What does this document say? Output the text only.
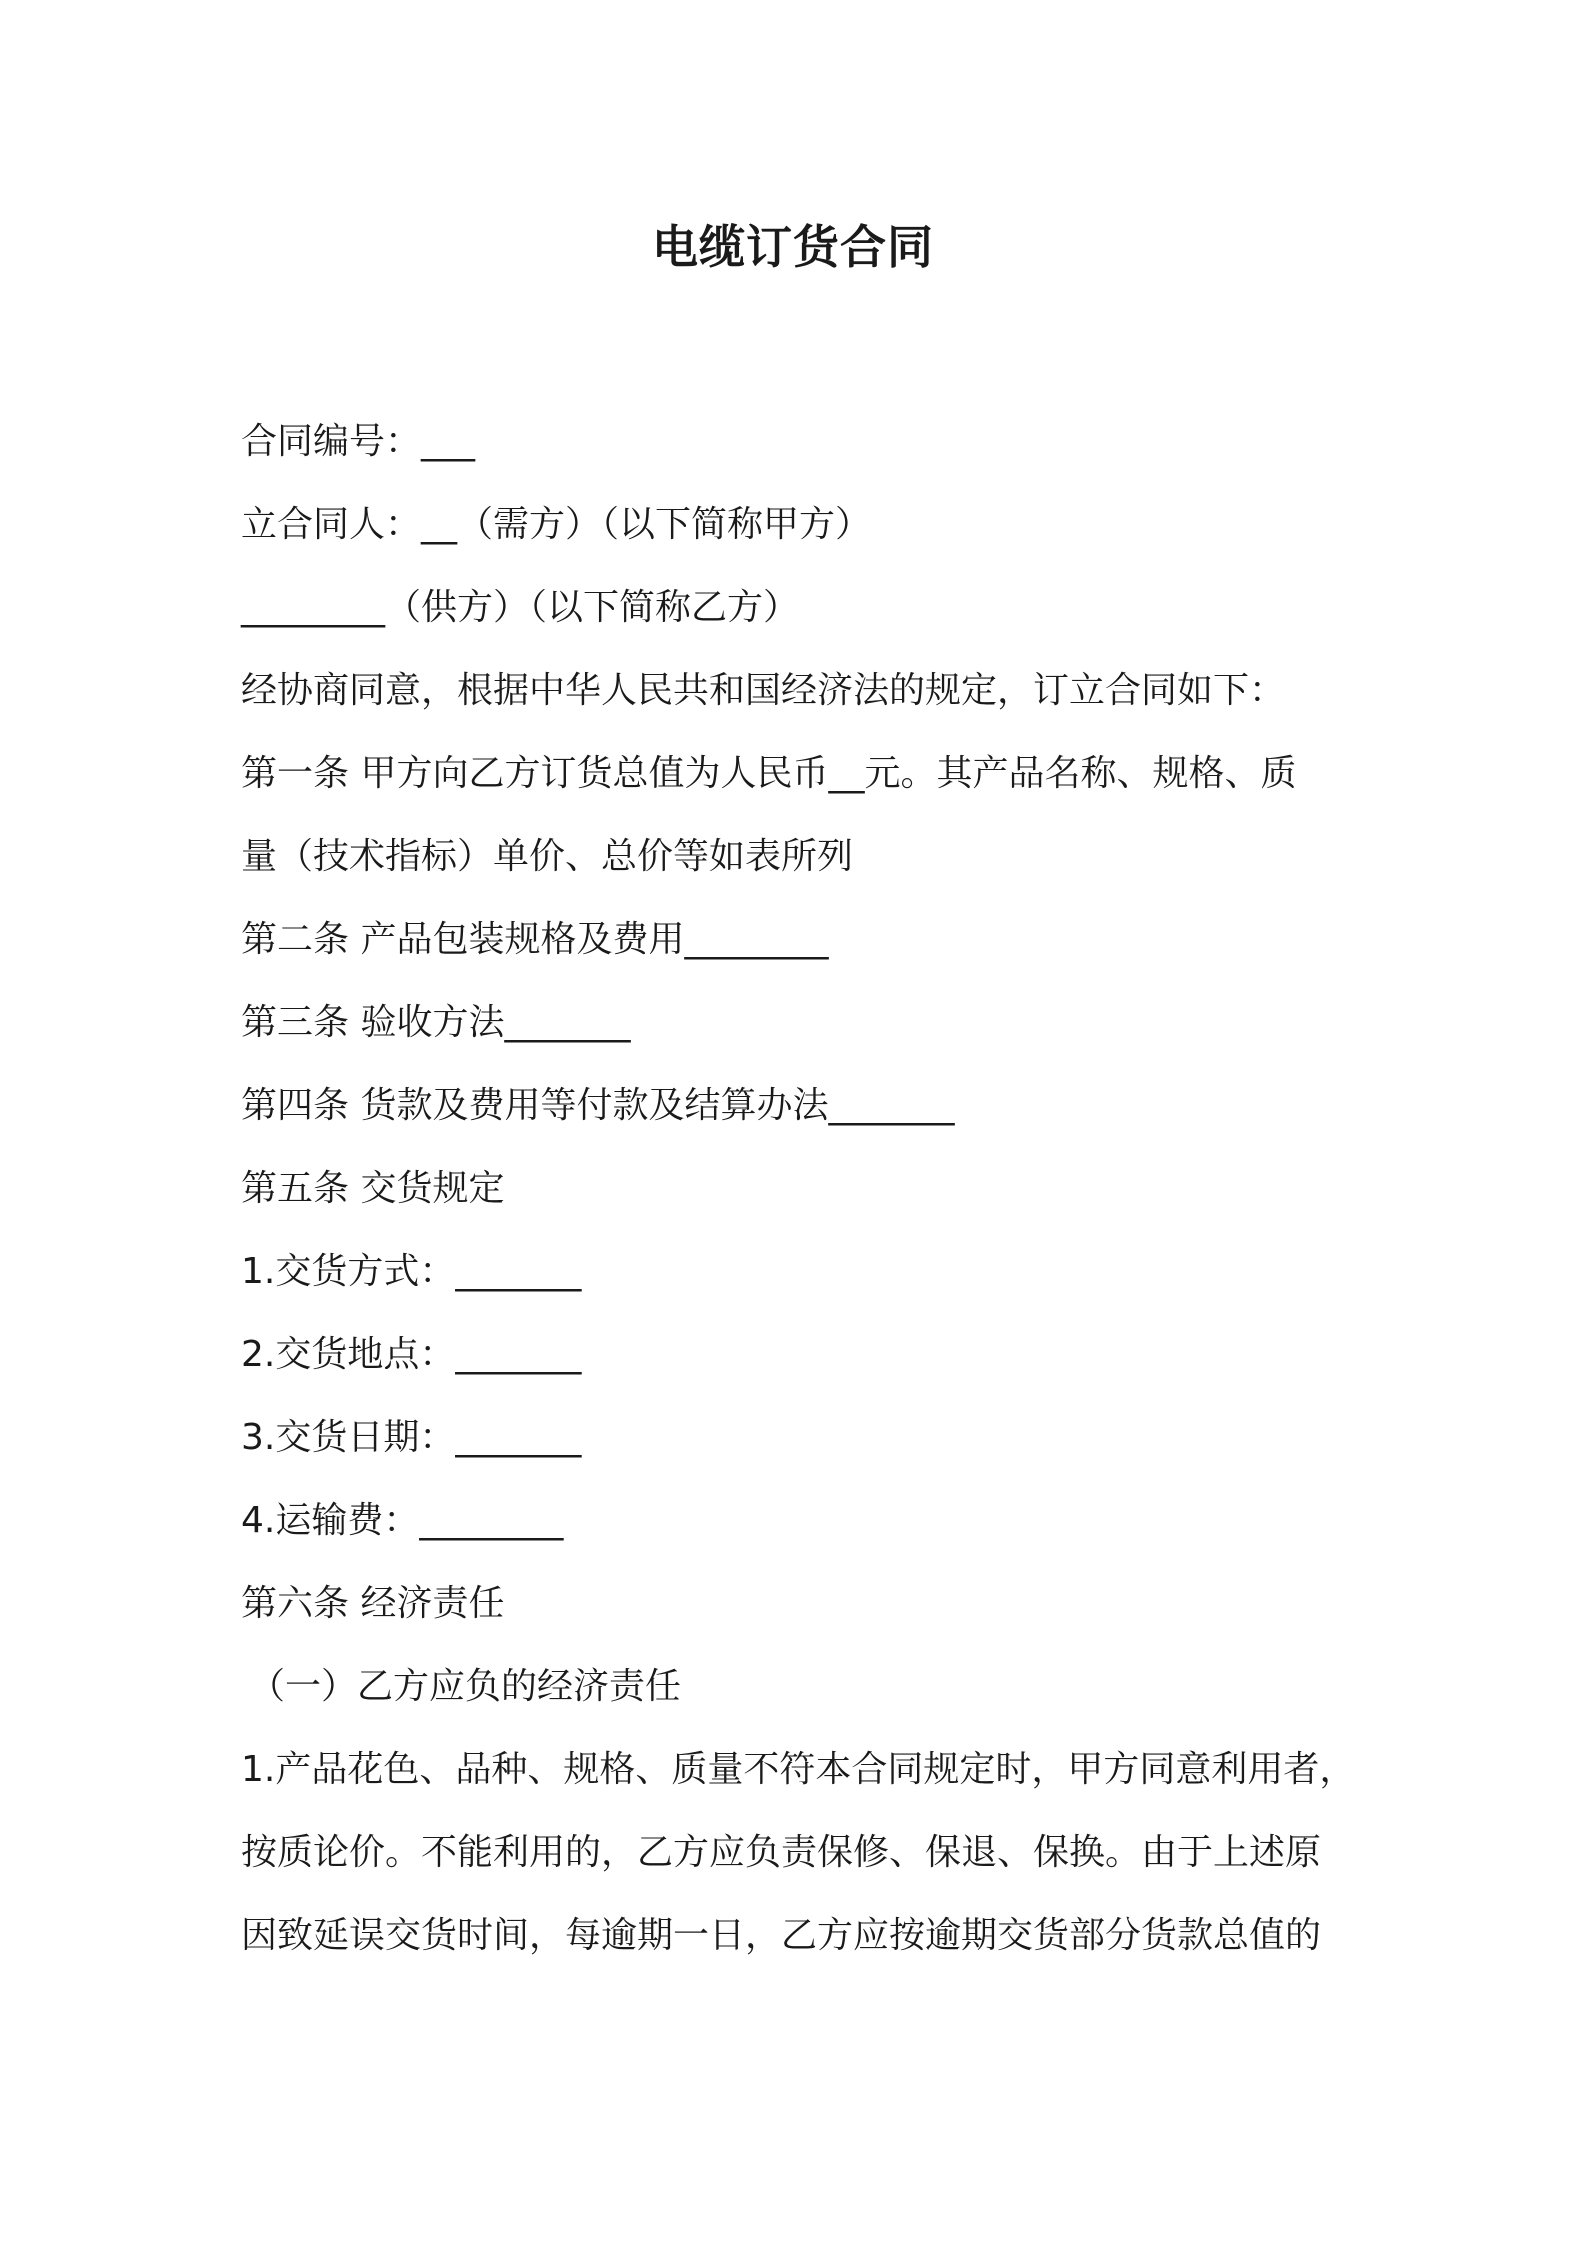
电缆订货合同
合同编号：___
立合同人：__（需方）（以下简称甲方）
________（供方）（以下简称乙方）
经协商同意，根据中华人民共和国经济法的规定，订立合同如下：
第一条 甲方向乙方订货总值为人民币__元。其产品名称、规格、质
量（技术指标）单价、总价等如表所列
第二条 产品包装规格及费用________
第三条 验收方法_______
第四条 货款及费用等付款及结算办法_______
第五条 交货规定
1.交货方式：_______
2.交货地点：_______
3.交货日期：_______
4.运输费：________
第六条 经济责任
（一）乙方应负的经济责任
1.产品花色、品种、规格、质量不符本合同规定时，甲方同意利用者，
按质论价。不能利用的，乙方应负责保修、保退、保换。由于上述原
因致延误交货时间，每逾期一日，乙方应按逾期交货部分货款总值的
